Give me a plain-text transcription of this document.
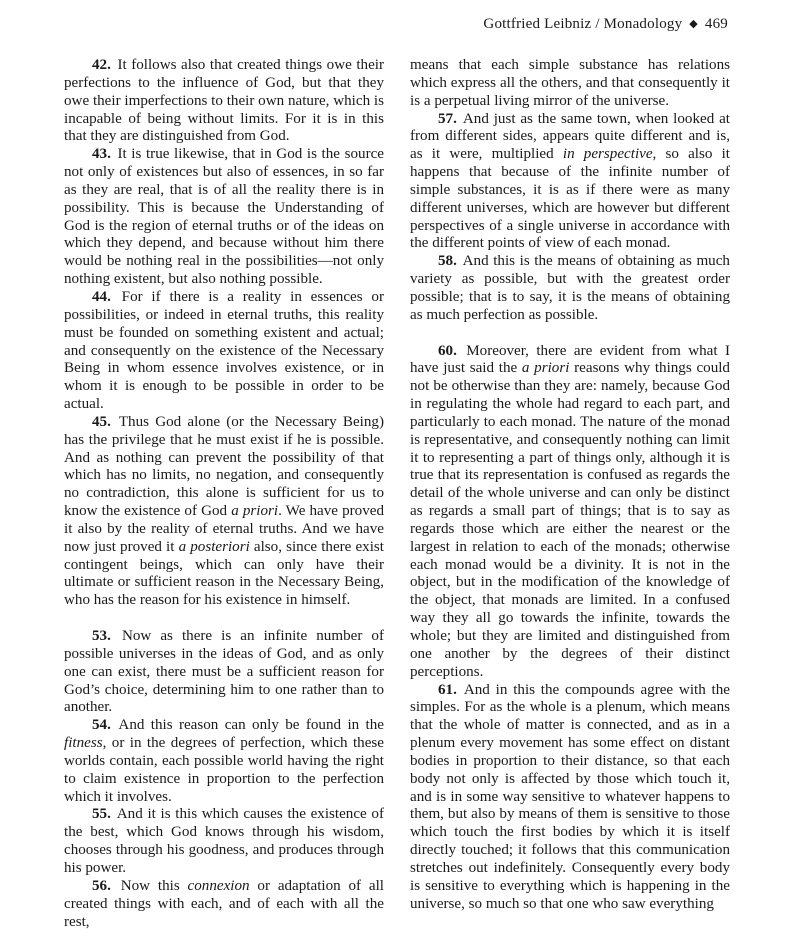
Gottfried Leibniz / Monadology ◆ 469

42. It follows also that created things owe their perfections to the influence of God, but that they owe their imperfections to their own nature, which is incapable of being without limits. For it is in this that they are distinguished from God.

43. It is true likewise, that in God is the source not only of existences but also of essences, in so far as they are real, that is of all the reality there is in possibility. This is because the Understanding of God is the region of eternal truths or of the ideas on which they depend, and because without him there would be nothing real in the possibilities—not only nothing existent, but also nothing possible.

44. For if there is a reality in essences or possibilities, or indeed in eternal truths, this reality must be founded on something existent and actual; and consequently on the existence of the Necessary Being in whom essence involves existence, or in whom it is enough to be possible in order to be actual.

45. Thus God alone (or the Necessary Being) has the privilege that he must exist if he is possible. And as nothing can prevent the possibility of that which has no limits, no negation, and consequently no contradiction, this alone is sufficient for us to know the existence of God a priori. We have proved it also by the reality of eternal truths. And we have now just proved it a posteriori also, since there exist contingent beings, which can only have their ultimate or sufficient reason in the Necessary Being, who has the reason for his existence in himself.

53. Now as there is an infinite number of possible universes in the ideas of God, and as only one can exist, there must be a sufficient reason for God’s choice, determining him to one rather than to another.

54. And this reason can only be found in the fitness, or in the degrees of perfection, which these worlds contain, each possible world having the right to claim existence in proportion to the perfection which it involves.

55. And it is this which causes the existence of the best, which God knows through his wisdom, chooses through his goodness, and produces through his power.

56. Now this connexion or adaptation of all created things with each, and of each with all the rest,

means that each simple substance has relations which express all the others, and that consequently it is a perpetual living mirror of the universe.

57. And just as the same town, when looked at from different sides, appears quite different and is, as it were, multiplied in perspective, so also it happens that because of the infinite number of simple substances, it is as if there were as many different universes, which are however but different perspectives of a single universe in accordance with the different points of view of each monad.

58. And this is the means of obtaining as much variety as possible, but with the greatest order possible; that is to say, it is the means of obtaining as much perfection as possible.

60. Moreover, there are evident from what I have just said the a priori reasons why things could not be otherwise than they are: namely, because God in regulating the whole had regard to each part, and particularly to each monad. The nature of the monad is representative, and consequently nothing can limit it to representing a part of things only, although it is true that its representation is confused as regards the detail of the whole universe and can only be distinct as regards a small part of things; that is to say as regards those which are either the nearest or the largest in relation to each of the monads; otherwise each monad would be a divinity. It is not in the object, but in the modification of the knowledge of the object, that monads are limited. In a confused way they all go towards the infinite, towards the whole; but they are limited and distinguished from one another by the degrees of their distinct perceptions.

61. And in this the compounds agree with the simples. For as the whole is a plenum, which means that the whole of matter is connected, and as in a plenum every movement has some effect on distant bodies in proportion to their distance, so that each body not only is affected by those which touch it, and is in some way sensitive to whatever happens to them, but also by means of them is sensitive to those which touch the first bodies by which it is itself directly touched; it follows that this communication stretches out indefinitely. Consequently every body is sensitive to everything which is happening in the universe, so much so that one who saw everything
